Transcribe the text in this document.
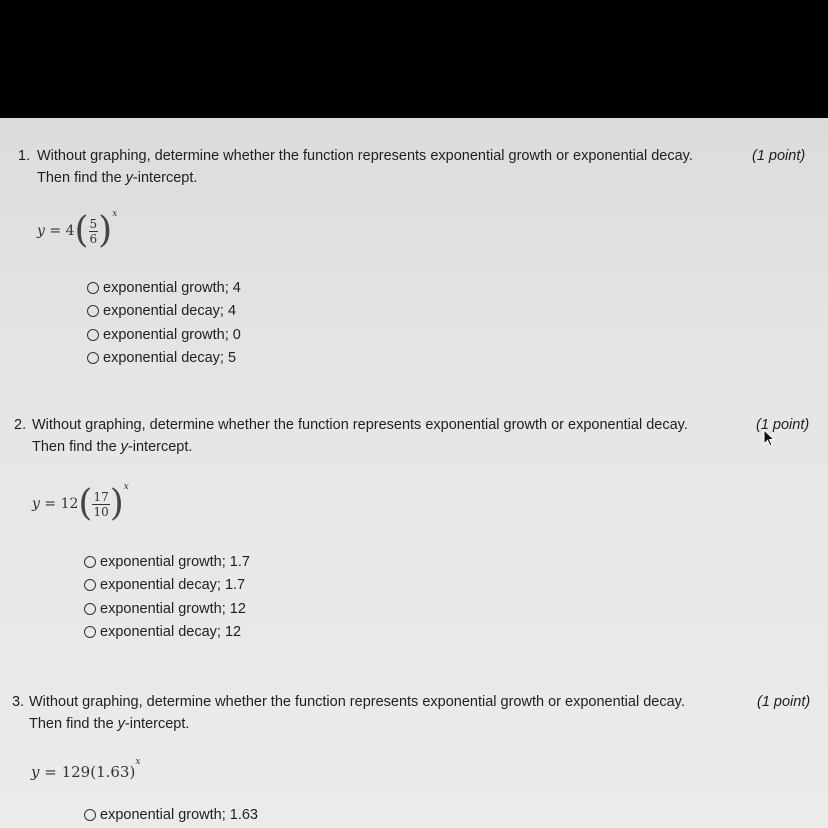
1. Without graphing, determine whether the function represents exponential growth or exponential decay.	(1 point)
Then find the y-intercept.
$y = 4( \frac{5}{6} )^x$
exponential growth; 4
exponential decay; 4
exponential growth; 0
exponential decay; 5
2. Without graphing, determine whether the function represents exponential growth or exponential decay.	(1 point)
Then find the y-intercept.
$y = 12( \frac{17}{10} )^x$
exponential growth; 1.7
exponential decay; 1.7
exponential growth; 12
exponential decay; 12
3. Without graphing, determine whether the function represents exponential growth or exponential decay.	(1 point)
Then find the y-intercept.
$y = 129(1.63)^x$
exponential growth; 1.63
